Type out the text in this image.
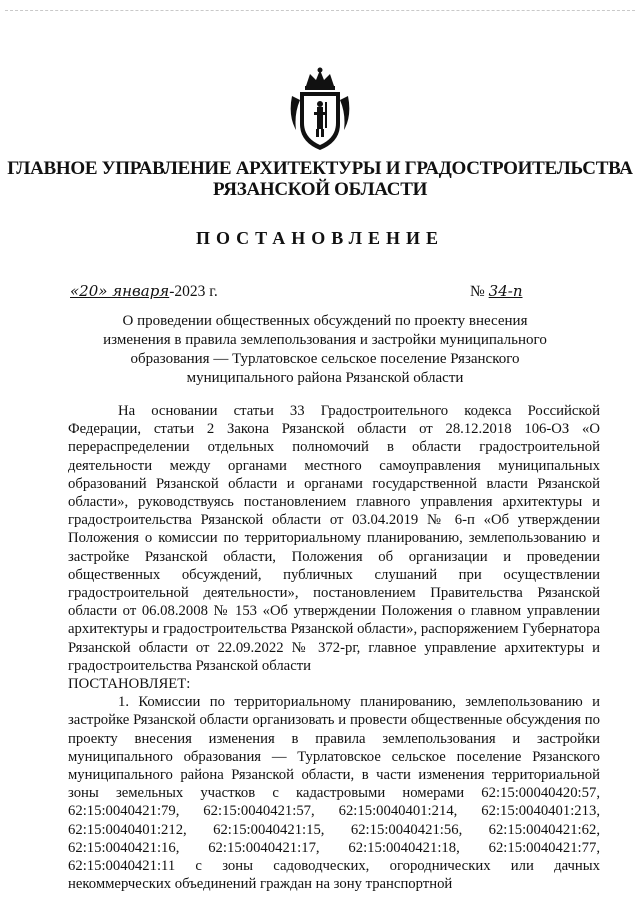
ГЛАВНОЕ УПРАВЛЕНИЕ АРХИТЕКТУРЫ И ГРАДОСТРОИТЕЛЬСТВА
РЯЗАНСКОЙ ОБЛАСТИ
ПОСТАНОВЛЕНИЕ
«20» января-2023 г.	№ 34-п
О проведении общественных обсуждений по проекту внесения изменения в правила землепользования и застройки муниципального образования — Турлатовское сельское поселение Рязанского муниципального района Рязанской области

На основании статьи 33 Градостроительного кодекса Российской Федерации, статьи 2 Закона Рязанской области от 28.12.2018 106-ОЗ «О перераспределении отдельных полномочий в области градостроительной деятельности между органами местного самоуправления муниципальных образований Рязанской области и органами государственной власти Рязанской области», руководствуясь постановлением главного управления архитектуры и градостроительства Рязанской области от 03.04.2019 № 6-п «Об утверждении Положения о комиссии по территориальному планированию, землепользованию и застройке Рязанской области, Положения об организации и проведении общественных обсуждений, публичных слушаний при осуществлении градостроительной деятельности», постановлением Правительства Рязанской области от 06.08.2008 № 153 «Об утверждении Положения о главном управлении архитектуры и градостроительства Рязанской области», распоряжением Губернатора Рязанской области от 22.09.2022 № 372-рг, главное управление архитектуры и градостроительства Рязанской области

ПОСТАНОВЛЯЕТ:

1. Комиссии по территориальному планированию, землепользованию и застройке Рязанской области организовать и провести общественные обсуждения по проекту внесения изменения в правила землепользования и застройки муниципального образования — Турлатовское сельское поселение Рязанского муниципального района Рязанской области, в части изменения территориальной зоны земельных участков с кадастровыми номерами 62:15:00040420:57, 62:15:0040421:79, 62:15:0040421:57, 62:15:0040401:214, 62:15:0040401:213, 62:15:0040401:212, 62:15:0040421:15, 62:15:0040421:56, 62:15:0040421:62, 62:15:0040421:16, 62:15:0040421:17, 62:15:0040421:18, 62:15:0040421:77, 62:15:0040421:11 с зоны садоводческих, огороднических или дачных некоммерческих объединений граждан на зону транспортной
